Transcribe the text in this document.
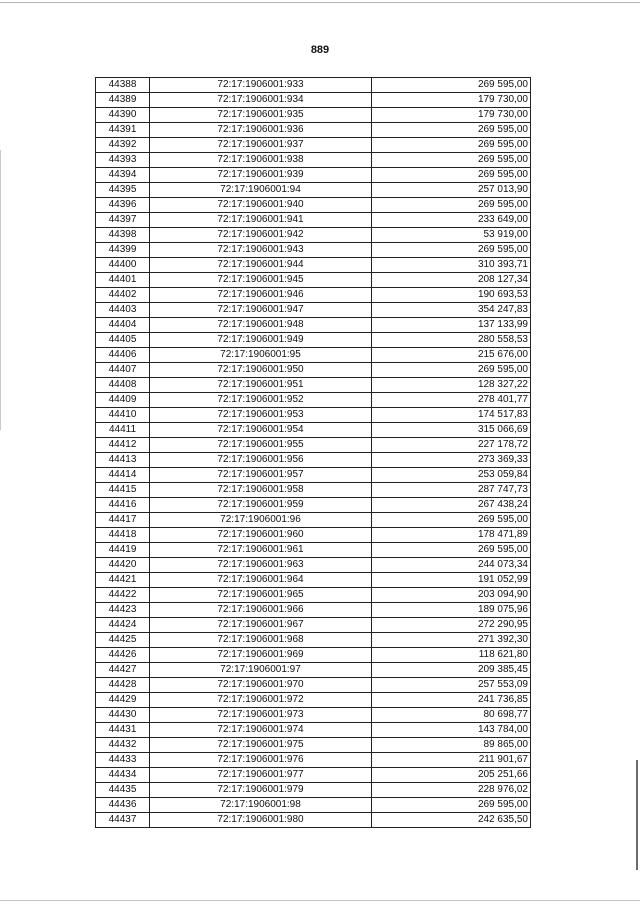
889
44388	72:17:1906001:933	269 595,00
44389	72:17:1906001:934	179 730,00
44390	72:17:1906001:935	179 730,00
44391	72:17:1906001:936	269 595,00
44392	72:17:1906001:937	269 595,00
44393	72:17:1906001:938	269 595,00
44394	72:17:1906001:939	269 595,00
44395	72:17:1906001:94	257 013,90
44396	72:17:1906001:940	269 595,00
44397	72:17:1906001:941	233 649,00
44398	72:17:1906001:942	53 919,00
44399	72:17:1906001:943	269 595,00
44400	72:17:1906001:944	310 393,71
44401	72:17:1906001:945	208 127,34
44402	72:17:1906001:946	190 693,53
44403	72:17:1906001:947	354 247,83
44404	72:17:1906001:948	137 133,99
44405	72:17:1906001:949	280 558,53
44406	72:17:1906001:95	215 676,00
44407	72:17:1906001:950	269 595,00
44408	72:17:1906001:951	128 327,22
44409	72:17:1906001:952	278 401,77
44410	72:17:1906001:953	174 517,83
44411	72:17:1906001:954	315 066,69
44412	72:17:1906001:955	227 178,72
44413	72:17:1906001:956	273 369,33
44414	72:17:1906001:957	253 059,84
44415	72:17:1906001:958	287 747,73
44416	72:17:1906001:959	267 438,24
44417	72:17:1906001:96	269 595,00
44418	72:17:1906001:960	178 471,89
44419	72:17:1906001:961	269 595,00
44420	72:17:1906001:963	244 073,34
44421	72:17:1906001:964	191 052,99
44422	72:17:1906001:965	203 094,90
44423	72:17:1906001:966	189 075,96
44424	72:17:1906001:967	272 290,95
44425	72:17:1906001:968	271 392,30
44426	72:17:1906001:969	118 621,80
44427	72:17:1906001:97	209 385,45
44428	72:17:1906001:970	257 553,09
44429	72:17:1906001:972	241 736,85
44430	72:17:1906001:973	80 698,77
44431	72:17:1906001:974	143 784,00
44432	72:17:1906001:975	89 865,00
44433	72:17:1906001:976	211 901,67
44434	72:17:1906001:977	205 251,66
44435	72:17:1906001:979	228 976,02
44436	72:17:1906001:98	269 595,00
44437	72:17:1906001:980	242 635,50
